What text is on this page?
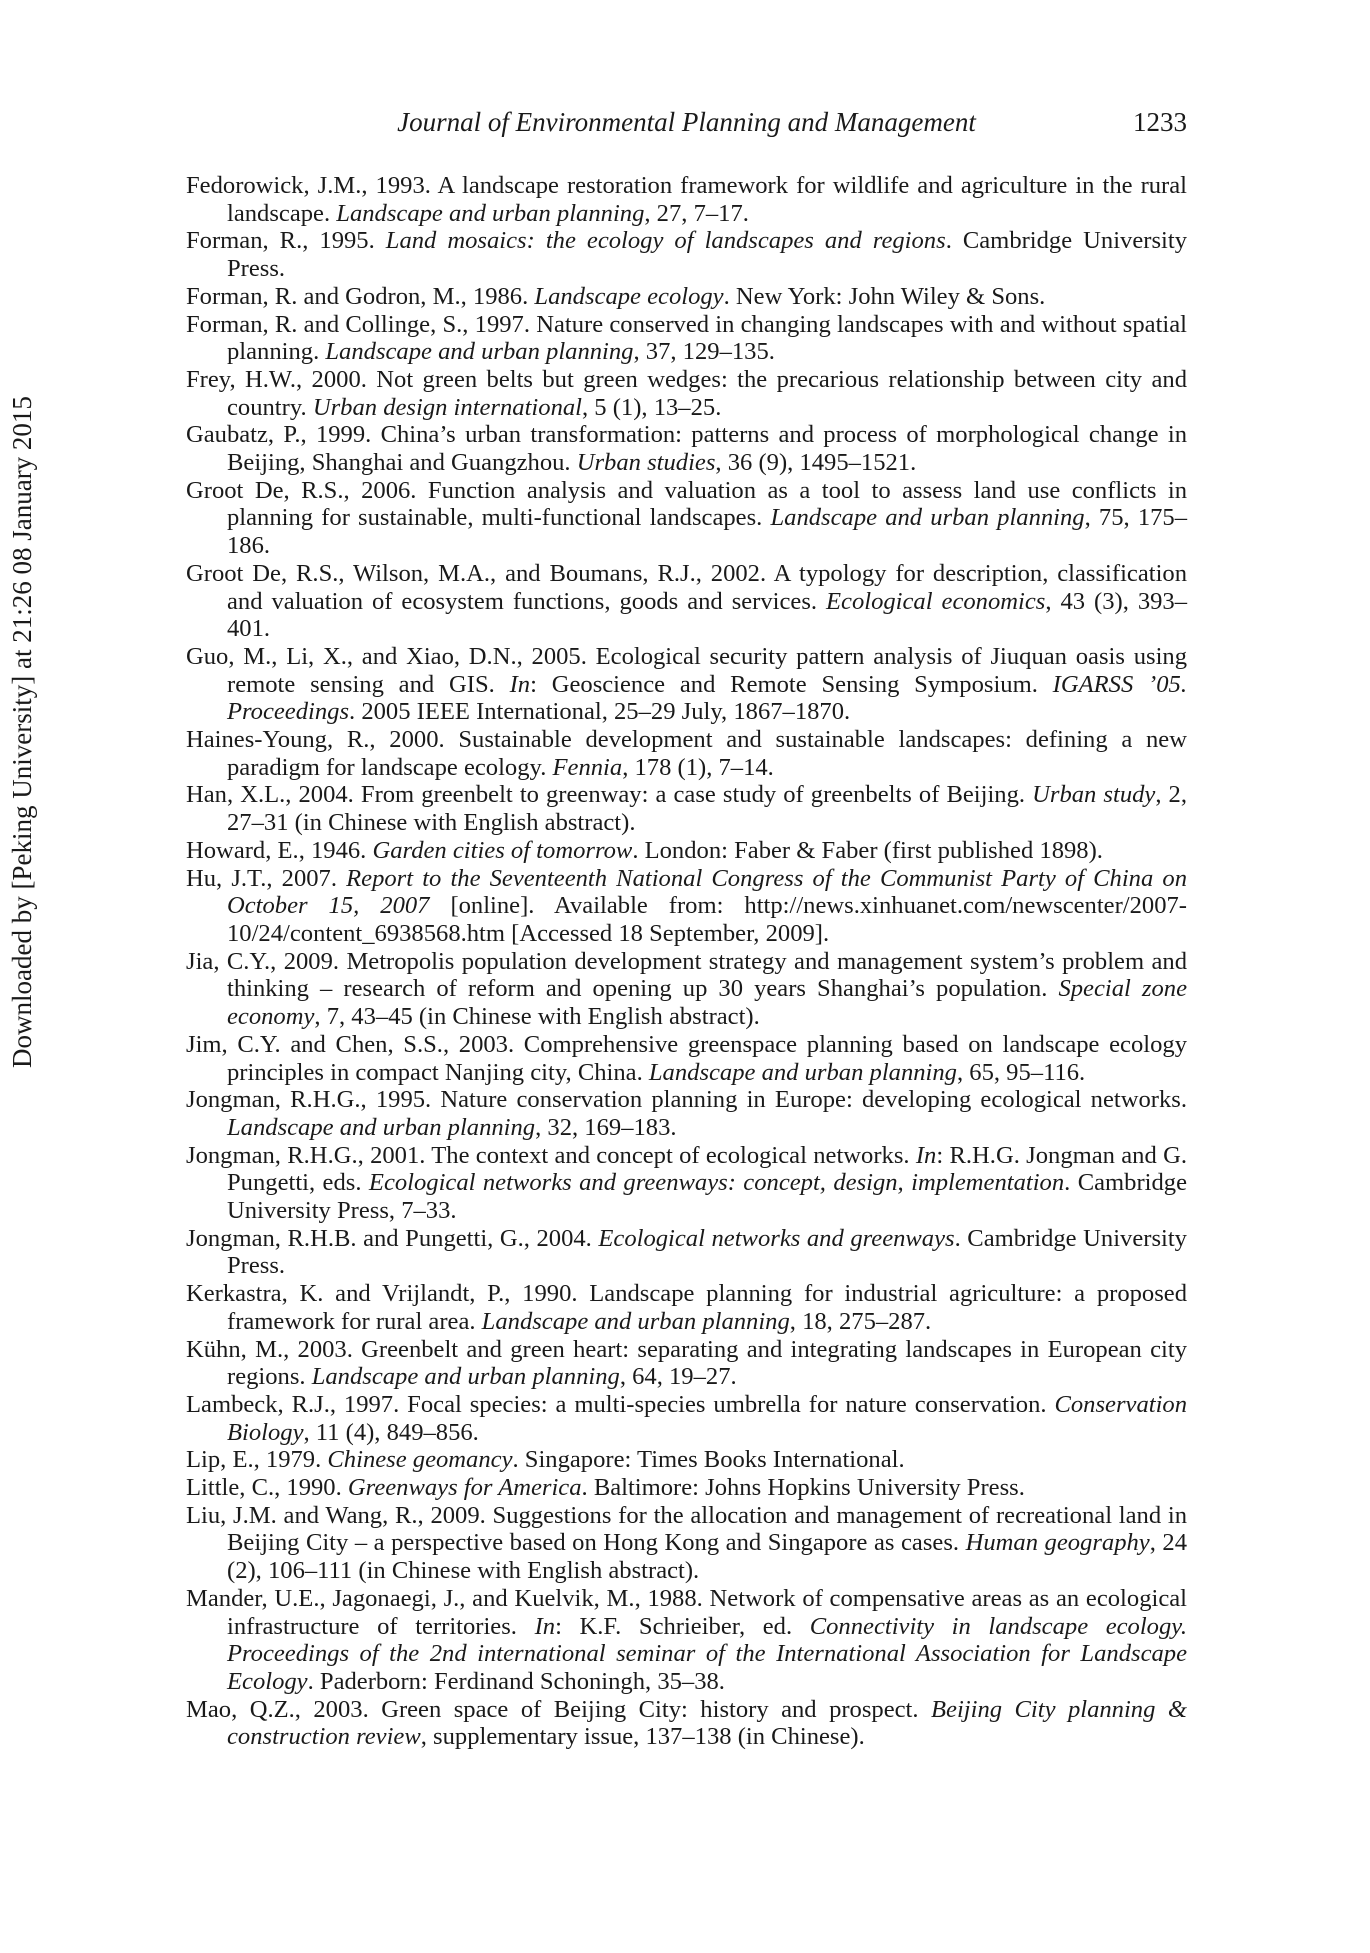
Journal of Environmental Planning and Management	1233
Downloaded by [Peking University] at 21:26 08 January 2015
Fedorowick, J.M., 1993. A landscape restoration framework for wildlife and agriculture in the rural landscape. Landscape and urban planning, 27, 7–17.
Forman, R., 1995. Land mosaics: the ecology of landscapes and regions. Cambridge University Press.
Forman, R. and Godron, M., 1986. Landscape ecology. New York: John Wiley & Sons.
Forman, R. and Collinge, S., 1997. Nature conserved in changing landscapes with and without spatial planning. Landscape and urban planning, 37, 129–135.
Frey, H.W., 2000. Not green belts but green wedges: the precarious relationship between city and country. Urban design international, 5 (1), 13–25.
Gaubatz, P., 1999. China’s urban transformation: patterns and process of morphological change in Beijing, Shanghai and Guangzhou. Urban studies, 36 (9), 1495–1521.
Groot De, R.S., 2006. Function analysis and valuation as a tool to assess land use conflicts in planning for sustainable, multi-functional landscapes. Landscape and urban planning, 75, 175–186.
Groot De, R.S., Wilson, M.A., and Boumans, R.J., 2002. A typology for description, classification and valuation of ecosystem functions, goods and services. Ecological economics, 43 (3), 393–401.
Guo, M., Li, X., and Xiao, D.N., 2005. Ecological security pattern analysis of Jiuquan oasis using remote sensing and GIS. In: Geoscience and Remote Sensing Symposium. IGARSS ’05. Proceedings. 2005 IEEE International, 25–29 July, 1867–1870.
Haines-Young, R., 2000. Sustainable development and sustainable landscapes: defining a new paradigm for landscape ecology. Fennia, 178 (1), 7–14.
Han, X.L., 2004. From greenbelt to greenway: a case study of greenbelts of Beijing. Urban study, 2, 27–31 (in Chinese with English abstract).
Howard, E., 1946. Garden cities of tomorrow. London: Faber & Faber (first published 1898).
Hu, J.T., 2007. Report to the Seventeenth National Congress of the Communist Party of China on October 15, 2007 [online]. Available from: http://news.xinhuanet.com/newscenter/2007-10/24/content_6938568.htm [Accessed 18 September, 2009].
Jia, C.Y., 2009. Metropolis population development strategy and management system’s problem and thinking – research of reform and opening up 30 years Shanghai’s population. Special zone economy, 7, 43–45 (in Chinese with English abstract).
Jim, C.Y. and Chen, S.S., 2003. Comprehensive greenspace planning based on landscape ecology principles in compact Nanjing city, China. Landscape and urban planning, 65, 95–116.
Jongman, R.H.G., 1995. Nature conservation planning in Europe: developing ecological networks. Landscape and urban planning, 32, 169–183.
Jongman, R.H.G., 2001. The context and concept of ecological networks. In: R.H.G. Jongman and G. Pungetti, eds. Ecological networks and greenways: concept, design, implementation. Cambridge University Press, 7–33.
Jongman, R.H.B. and Pungetti, G., 2004. Ecological networks and greenways. Cambridge University Press.
Kerkastra, K. and Vrijlandt, P., 1990. Landscape planning for industrial agriculture: a proposed framework for rural area. Landscape and urban planning, 18, 275–287.
Kühn, M., 2003. Greenbelt and green heart: separating and integrating landscapes in European city regions. Landscape and urban planning, 64, 19–27.
Lambeck, R.J., 1997. Focal species: a multi-species umbrella for nature conservation. Conservation Biology, 11 (4), 849–856.
Lip, E., 1979. Chinese geomancy. Singapore: Times Books International.
Little, C., 1990. Greenways for America. Baltimore: Johns Hopkins University Press.
Liu, J.M. and Wang, R., 2009. Suggestions for the allocation and management of recreational land in Beijing City – a perspective based on Hong Kong and Singapore as cases. Human geography, 24 (2), 106–111 (in Chinese with English abstract).
Mander, U.E., Jagonaegi, J., and Kuelvik, M., 1988. Network of compensative areas as an ecological infrastructure of territories. In: K.F. Schrieiber, ed. Connectivity in landscape ecology. Proceedings of the 2nd international seminar of the International Association for Landscape Ecology. Paderborn: Ferdinand Schoningh, 35–38.
Mao, Q.Z., 2003. Green space of Beijing City: history and prospect. Beijing City planning & construction review, supplementary issue, 137–138 (in Chinese).
